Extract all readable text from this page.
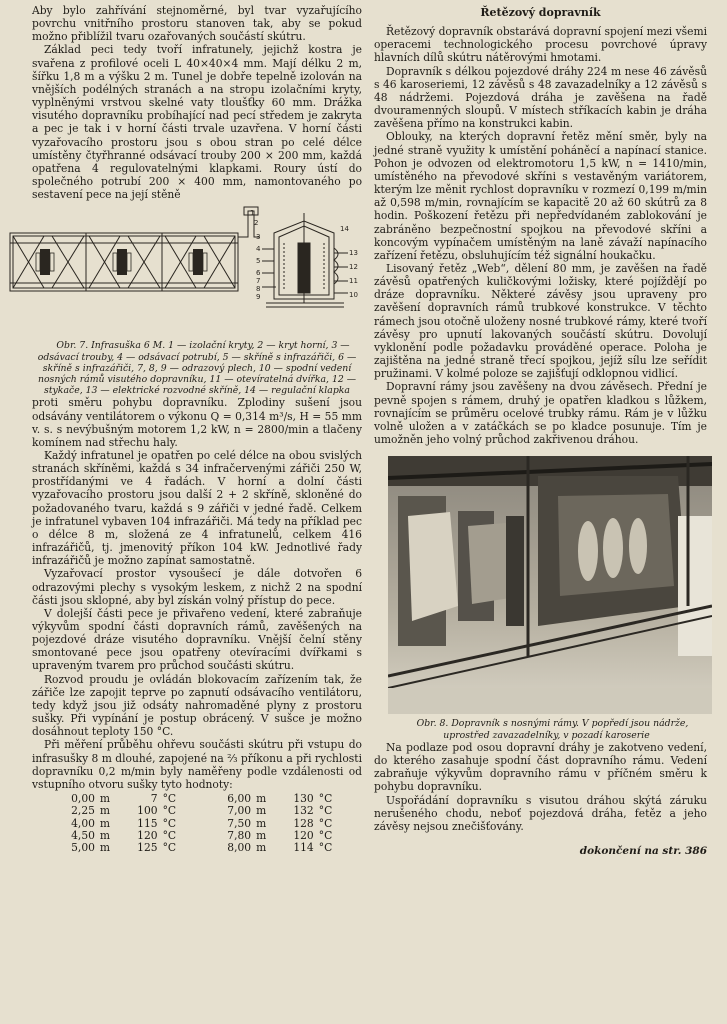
Aby bylo zahřívání stejnoměrné, byl tvar vyzařujícího povrchu vnitřního prostoru stanoven tak, aby se pokud možno přiblížil tvaru ozařovaných součástí skútru.

Základ peci tedy tvoří infratunely, jejichž kostra je svařena z profilové oceli L 40×40×4 mm. Mají délku 2 m, šířku 1,8 m a výšku 2 m. Tunel je dobře tepelně izolován na vnějších podélných stranách a na stropu izolačními kryty, vyplněnými vrstvou skelné vaty tloušťky 60 mm. Drážka visutého dopravníku probíhající nad pecí středem je zakryta a pec je tak i v horní části trvale uzavřena. V horní části vyzařovacího prostoru jsou s obou stran po celé délce umístěny čtyřhranné odsávací trouby 200 × 200 mm, každá opatřena 4 regulovatelnými klapkami. Roury ústí do společného potrubí 200 × 400 mm, namontovaného po sestavení pece na její stěně

1
2
3
4
5
6
7
8
9	10
11
12
13
14

Obr. 7. Infrasuška 6 M. 1 — izolační kryty, 2 — kryt horní, 3 — odsávací trouby, 4 — odsávací potrubí, 5 — skříně s infrazářiči, 6 — skříně s infrazářiči, 7, 8, 9 — odrazový plech, 10 — spodní vedení nosných rámů visutého dopravníku, 11 — otevíratelná dvířka, 12 — stykače, 13 — elektrické rozvodné skříně, 14 — regulační klapka

proti směru pohybu dopravníku. Zplodiny sušení jsou odsávány ventilátorem o výkonu Q = 0,314 m³/s, H = 55 mm v. s. s nevýbušným motorem 1,2 kW, n = 2800/min a tlačeny komínem nad střechu haly.

Každý infratunel je opatřen po celé délce na obou svislých stranách skříněmi, každá s 34 infračervenými zářiči 250 W, prostřídanými ve 4 řadách. V horní a dolní části vyzařovacího prostoru jsou další 2 + 2 skříně, skloněné do požadovaného tvaru, každá s 9 zářiči v jedné řadě. Celkem je infratunel vybaven 104 infrazářiči. Má tedy na příklad pec o délce 8 m, složená ze 4 infratunelů, celkem 416 infrazářičů, tj. jmenovitý příkon 104 kW. Jednotlivé řady infrazářičů je možno zapínat samostatně.

Vyzařovací prostor vysoušecí je dále dotvořen 6 odrazovými plechy s vysokým leskem, z nichž 2 na spodní části jsou sklopné, aby byl získán volný přístup do pece.

V dolejší části pece je přivařeno vedení, které zabraňuje výkyvům spodní části dopravních rámů, zavěšených na pojezdové dráze visutého dopravníku. Vnější čelní stěny smontované pece jsou opatřeny otevíracími dvířkami s upraveným tvarem pro průchod součásti skútru.

Rozvod proudu je ovládán blokovacím zařízením tak, že zářiče lze zapojit teprve po zapnutí odsávacího ventilátoru, tedy když jsou již odsáty nahromaděné plyny z prostoru sušky. Při vypínání je postup obrácený. V sušce je možno dosáhnout teploty 150 °C.

Při měření průběhu ohřevu součásti skútru při vstupu do infrasušky 8 m dlouhé, zapojené na ⅔ příkonu a při rychlosti dopravníku 0,2 m/min byly naměřeny podle vzdálenosti od vstupního otvoru sušky tyto hodnoty:

0,00	m	7	°C	6,00	m	130	°C
2,25	m	100	°C	7,00	m	132	°C
4,00	m	115	°C	7,50	m	128	°C
4,50	m	120	°C	7,80	m	120	°C
5,00	m	125	°C	8,00	m	114	°C
Řetězový dopravník

Řetězový dopravník obstarává dopravní spojení mezi všemi operacemi technologického procesu povrchové úpravy hlavních dílů skútru nátěrovými hmotami.

Dopravník s délkou pojezdové dráhy 224 m nese 46 závěsů s 46 karoseriemi, 12 závěsů s 48 zavazadelníky a 12 závěsů s 48 nádržemi. Pojezdová dráha je zavěšena na řadě dvouramenných sloupů. V místech stříkacích kabin je dráha zavěšena přímo na konstrukci kabin.

Oblouky, na kterých dopravní řetěz mění směr, byly na jedné straně využity k umístění poháněcí a napínací stanice. Pohon je odvozen od elektromotoru 1,5 kW, n = 1410/min, umístěného na převodové skříni s vestavěným variátorem, kterým lze měnit rychlost dopravníku v rozmezí 0,199 m/min až 0,598 m/min, rovnajícím se kapacitě 20 až 60 skútrů za 8 hodin. Poškození řetězu při nepředvídaném zablokování je zabráněno bezpečnostní spojkou na převodové skříni a koncovým vypínačem umístěným na laně závaží napínacího zařízení řetězu, obsluhujícím též signální houkačku.

Lisovaný řetěz „Web“, dělení 80 mm, je zavěšen na řadě závěsů opatřených kuličkovými ložisky, které pojíždějí po dráze dopravníku. Některé závěsy jsou upraveny pro zavěšení dopravních rámů trubkové konstrukce. V těchto rámech jsou otočně uloženy nosné trubkové rámy, které tvoří závěsy pro upnutí lakovaných součástí skútru. Dovolují vyklonění podle požadavku prováděné operace. Poloha je zajištěna na jedné straně třecí spojkou, jejíž sílu lze seřídit pružinami. V kolmé poloze se zajišťují odklopnou vidlicí.

Dopravní rámy jsou zavěšeny na dvou závěsech. Přední je pevně spojen s rámem, druhý je opatřen kladkou s lůžkem, rovnajícím se průměru ocelové trubky rámu. Rám je v lůžku volně uložen a v zatáčkách se po kladce posunuje. Tím je umožněn jeho volný průchod zakřivenou dráhou.

Obr. 8. Dopravník s nosnými rámy. V popředí jsou nádrže, uprostřed zavazadelníky, v pozadí karoserie

Na podlaze pod osou dopravní dráhy je zakotveno vedení, do kterého zasahuje spodní část dopravního rámu. Vedení zabraňuje výkyvům dopravního rámu v příčném směru k pohybu dopravníku.

Uspořádání dopravníku s visutou dráhou skýtá záruku nerušeného chodu, neboť pojezdová dráha, fetěz a jeho závěsy nejsou znečišťovány.

dokončení na str. 386
